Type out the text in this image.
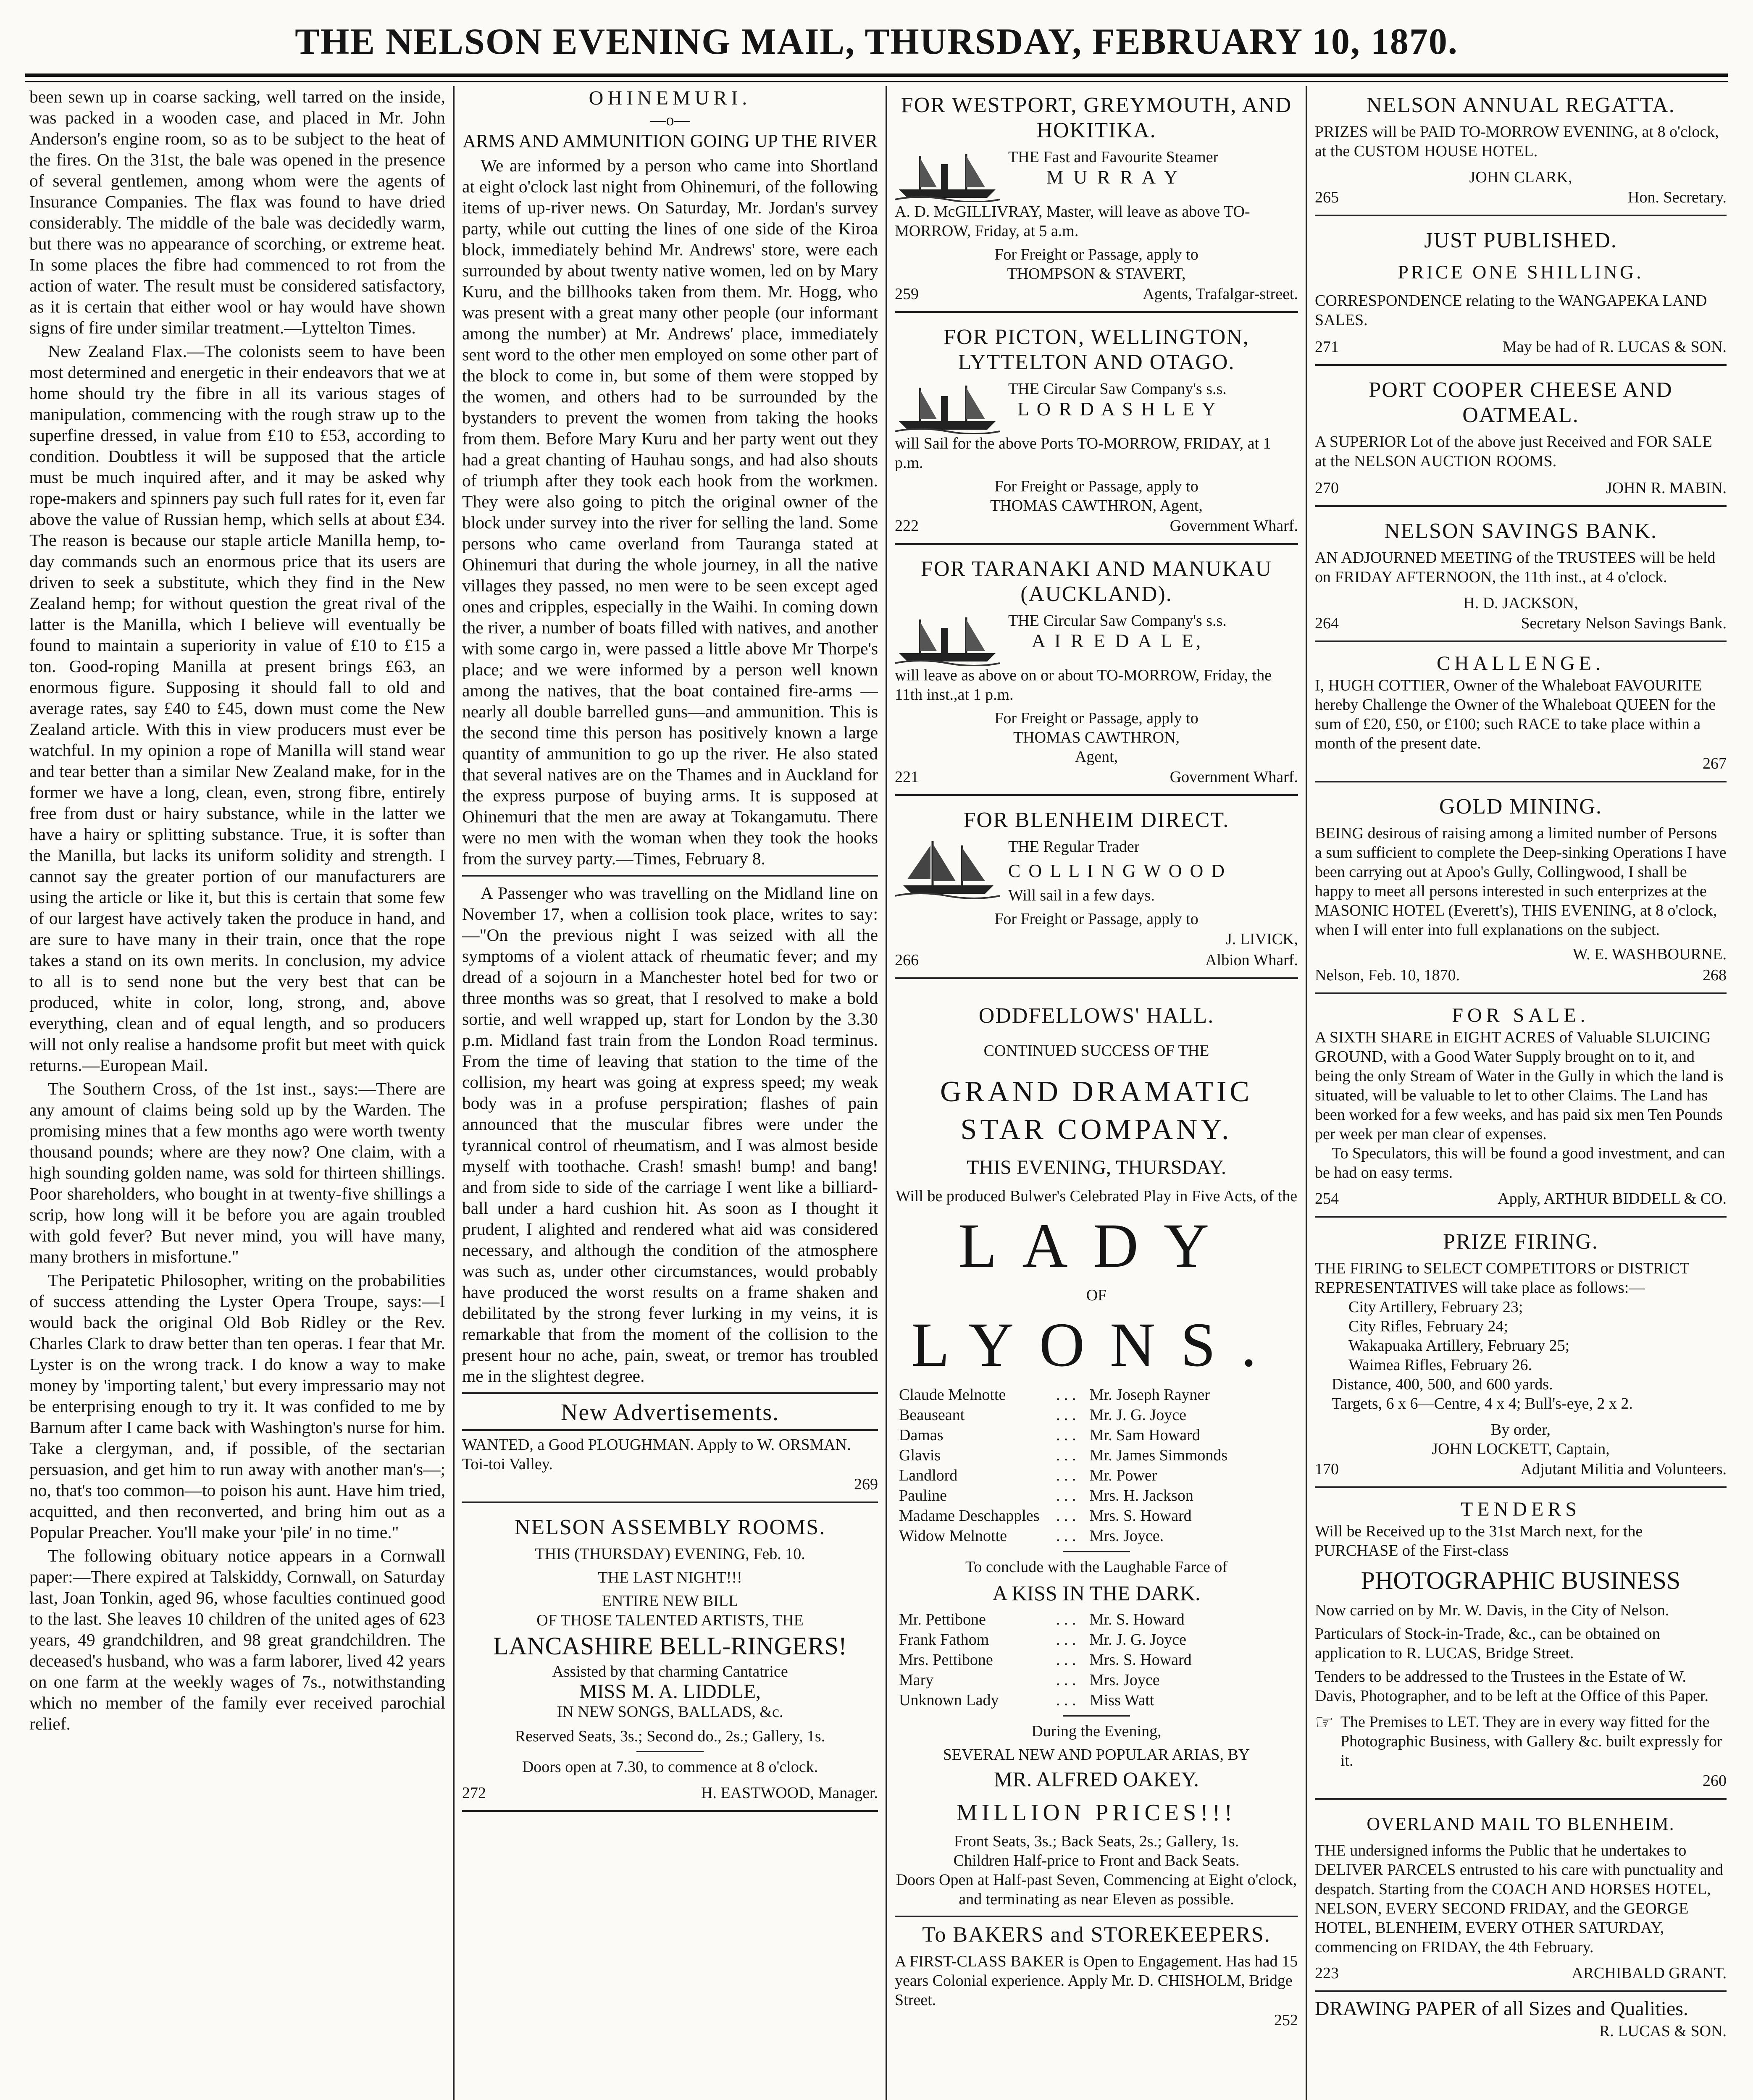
THE NELSON EVENING MAIL, THURSDAY, FEBRUARY 10, 1870.

been sewn up in coarse sacking, well tarred on the inside, was packed in a wooden case, and placed in Mr. John Anderson's engine room, so as to be subject to the heat of the fires. On the 31st, the bale was opened in the presence of several gentlemen, among whom were the agents of Insurance Companies. The flax was found to have dried considerably. The middle of the bale was decidedly warm, but there was no appearance of scorching, or extreme heat. In some places the fibre had commenced to rot from the action of water. The result must be considered satisfactory, as it is certain that either wool or hay would have shown signs of fire under similar treatment.—Lyttelton Times.

New Zealand Flax.—The colonists seem to have been most determined and energetic in their endeavors that we at home should try the fibre in all its various stages of manipulation, commencing with the rough straw up to the superfine dressed, in value from £10 to £53, according to condition. Doubtless it will be supposed that the article must be much inquired after, and it may be asked why rope-makers and spinners pay such full rates for it, even far above the value of Russian hemp, which sells at about £34. The reason is because our staple article Manilla hemp, to-day commands such an enormous price that its users are driven to seek a substitute, which they find in the New Zealand hemp; for without question the great rival of the latter is the Manilla, which I believe will eventually be found to maintain a superiority in value of £10 to £15 a ton. Good-roping Manilla at present brings £63, an enormous figure. Supposing it should fall to old and average rates, say £40 to £45, down must come the New Zealand article. With this in view producers must ever be watchful. In my opinion a rope of Manilla will stand wear and tear better than a similar New Zealand make, for in the former we have a long, clean, even, strong fibre, entirely free from dust or hairy substance, while in the latter we have a hairy or splitting substance. True, it is softer than the Manilla, but lacks its uniform solidity and strength. I cannot say the greater portion of our manufacturers are using the article or like it, but this is certain that some few of our largest have actively taken the produce in hand, and are sure to have many in their train, once that the rope takes a stand on its own merits. In conclusion, my advice to all is to send none but the very best that can be produced, white in color, long, strong, and, above everything, clean and of equal length, and so producers will not only realise a handsome profit but meet with quick returns.—European Mail.

The Southern Cross, of the 1st inst., says:—There are any amount of claims being sold up by the Warden. The promising mines that a few months ago were worth twenty thousand pounds; where are they now? One claim, with a high sounding golden name, was sold for thirteen shillings. Poor shareholders, who bought in at twenty-five shillings a scrip, how long will it be before you are again troubled with gold fever? But never mind, you will have many, many brothers in misfortune."

The Peripatetic Philosopher, writing on the probabilities of success attending the Lyster Opera Troupe, says:—I would back the original Old Bob Ridley or the Rev. Charles Clark to draw better than ten operas. I fear that Mr. Lyster is on the wrong track. I do know a way to make money by 'importing talent,' but every impressario may not be enterprising enough to try it. It was confided to me by Barnum after I came back with Washington's nurse for him. Take a clergyman, and, if possible, of the sectarian persuasion, and get him to run away with another man's—; no, that's too common—to poison his aunt. Have him tried, acquitted, and then reconverted, and bring him out as a Popular Preacher. You'll make your 'pile' in no time."

The following obituary notice appears in a Cornwall paper:—There expired at Talskiddy, Cornwall, on Saturday last, Joan Tonkin, aged 96, whose faculties continued good to the last. She leaves 10 children of the united ages of 623 years, 49 grandchildren, and 98 great grandchildren. The deceased's husband, who was a farm laborer, lived 42 years on one farm at the weekly wages of 7s., notwithstanding which no member of the family ever received parochial relief.

OHINEMURI.
—o—
ARMS AND AMMUNITION GOING UP THE RIVER

We are informed by a person who came into Shortland at eight o'clock last night from Ohinemuri, of the following items of up-river news. On Saturday, Mr. Jordan's survey party, while out cutting the lines of one side of the Kiroa block, immediately behind Mr. Andrews' store, were each surrounded by about twenty native women, led on by Mary Kuru, and the billhooks taken from them. Mr. Hogg, who was present with a great many other people (our informant among the number) at Mr. Andrews' place, immediately sent word to the other men employed on some other part of the block to come in, but some of them were stopped by the women, and others had to be surrounded by the bystanders to prevent the women from taking the hooks from them. Before Mary Kuru and her party went out they had a great chanting of Hauhau songs, and had also shouts of triumph after they took each hook from the workmen. They were also going to pitch the original owner of the block under survey into the river for selling the land. Some persons who came overland from Tauranga stated at Ohinemuri that during the whole journey, in all the native villages they passed, no men were to be seen except aged ones and cripples, especially in the Waihi. In coming down the river, a number of boats filled with natives, and another with some cargo in, were passed a little above Mr Thorpe's place; and we were informed by a person well known among the natives, that the boat contained fire-arms — nearly all double barrelled guns—and ammunition. This is the second time this person has positively known a large quantity of ammunition to go up the river. He also stated that several natives are on the Thames and in Auckland for the express purpose of buying arms. It is supposed at Ohinemuri that the men are away at Tokangamutu. There were no men with the woman when they took the hooks from the survey party.—Times, February 8.

A Passenger who was travelling on the Midland line on November 17, when a collision took place, writes to say:—"On the previous night I was seized with all the symptoms of a violent attack of rheumatic fever; and my dread of a sojourn in a Manchester hotel bed for two or three months was so great, that I resolved to make a bold sortie, and well wrapped up, start for London by the 3.30 p.m. Midland fast train from the London Road terminus. From the time of leaving that station to the time of the collision, my heart was going at express speed; my weak body was in a profuse perspiration; flashes of pain announced that the muscular fibres were under the tyrannical control of rheumatism, and I was almost beside myself with toothache. Crash! smash! bump! and bang! and from side to side of the carriage I went like a billiard-ball under a hard cushion hit. As soon as I thought it prudent, I alighted and rendered what aid was considered necessary, and although the condition of the atmosphere was such as, under other circumstances, would probably have produced the worst results on a frame shaken and debilitated by the strong fever lurking in my veins, it is remarkable that from the moment of the collision to the present hour no ache, pain, sweat, or tremor has troubled me in the slightest degree.

New Advertisements.
WANTED, a Good PLOUGHMAN. Apply to W. ORSMAN. Toi-toi Valley.
269
NELSON ASSEMBLY ROOMS.
THIS (THURSDAY) EVENING, Feb. 10.
THE LAST NIGHT!!!
ENTIRE NEW BILL
OF THOSE TALENTED ARTISTS, THE
LANCASHIRE BELL-RINGERS!
Assisted by that charming Cantatrice
MISS M. A. LIDDLE,
IN NEW SONGS, BALLADS, &c.
Reserved Seats, 3s.; Second do., 2s.; Gallery, 1s.
Doors open at 7.30, to commence at 8 o'clock.
272	H. EASTWOOD, Manager.
FOR WESTPORT, GREYMOUTH, AND HOKITIKA.
THE Fast and Favourite Steamer
M U R R A Y
A. D. McGILLIVRAY, Master, will leave as above TO-MORROW, Friday, at 5 a.m.
For Freight or Passage, apply to
THOMPSON & STAVERT,
259	Agents, Trafalgar-street.
FOR PICTON, WELLINGTON, LYTTELTON AND OTAGO.
THE Circular Saw Company's s.s.
L O R D A S H L E Y
will Sail for the above Ports TO-MORROW, FRIDAY, at 1 p.m.
For Freight or Passage, apply to
THOMAS CAWTHRON, Agent,
222	Government Wharf.
FOR TARANAKI AND MANUKAU (AUCKLAND).
THE Circular Saw Company's s.s.
A I R E D A L E,
will leave as above on or about TO-MORROW, Friday, the 11th inst.,at 1 p.m.
For Freight or Passage, apply to
THOMAS CAWTHRON,
Agent,
221	Government Wharf.
FOR BLENHEIM DIRECT.
THE Regular Trader
C O L L I N G W O O D
Will sail in a few days.
For Freight or Passage, apply to
J. LIVICK,
266	Albion Wharf.
ODDFELLOWS' HALL.
CONTINUED SUCCESS OF THE
GRAND DRAMATIC
STAR COMPANY.
THIS EVENING, THURSDAY.
Will be produced Bulwer's Celebrated Play in Five Acts, of the
LADY
OF
LYONS.
Claude Melnotte	. . . Mr. Joseph Rayner
Beauseant	. . . Mr. J. G. Joyce
Damas	. . . Mr. Sam Howard
Glavis	. . . Mr. James Simmonds
Landlord	. . . Mr. Power
Pauline	. . . Mrs. H. Jackson
Madame Deschapples	. . . Mrs. S. Howard
Widow Melnotte	. . . Mrs. Joyce.
To conclude with the Laughable Farce of
A KISS IN THE DARK.
Mr. Pettibone	. . . Mr. S. Howard
Frank Fathom	. . . Mr. J. G. Joyce
Mrs. Pettibone	. . . Mrs. S. Howard
Mary	. . . Mrs. Joyce
Unknown Lady	. . . Miss Watt
During the Evening,
SEVERAL NEW AND POPULAR ARIAS, BY
MR. ALFRED OAKEY.
MILLION PRICES!!!
Front Seats, 3s.; Back Seats, 2s.; Gallery, 1s.
Children Half-price to Front and Back Seats.
Doors Open at Half-past Seven, Commencing at Eight o'clock, and terminating as near Eleven as possible.
To BAKERS and STOREKEEPERS.
A FIRST-CLASS BAKER is Open to Engagement. Has had 15 years Colonial experience. Apply Mr. D. CHISHOLM, Bridge Street.
252
NELSON ANNUAL REGATTA.
PRIZES will be PAID TO-MORROW EVENING, at 8 o'clock, at the CUSTOM HOUSE HOTEL.
JOHN CLARK,
265	Hon. Secretary.
JUST PUBLISHED.
PRICE ONE SHILLING.
CORRESPONDENCE relating to the WANGAPEKA LAND SALES.
271	May be had of R. LUCAS & SON.
PORT COOPER CHEESE AND OATMEAL.
A SUPERIOR Lot of the above just Received and FOR SALE at the NELSON AUCTION ROOMS.
270	JOHN R. MABIN.
NELSON SAVINGS BANK.
AN ADJOURNED MEETING of the TRUSTEES will be held on FRIDAY AFTERNOON, the 11th inst., at 4 o'clock.
H. D. JACKSON,
264	Secretary Nelson Savings Bank.
CHALLENGE.
I, HUGH COTTIER, Owner of the Whaleboat FAVOURITE hereby Challenge the Owner of the Whaleboat QUEEN for the sum of £20, £50, or £100; such RACE to take place within a month of the present date.
267
GOLD MINING.
BEING desirous of raising among a limited number of Persons a sum sufficient to complete the Deep-sinking Operations I have been carrying out at Apoo's Gully, Collingwood, I shall be happy to meet all persons interested in such enterprizes at the MASONIC HOTEL (Everett's), THIS EVENING, at 8 o'clock, when I will enter into full explanations on the subject.
W. E. WASHBOURNE.
Nelson, Feb. 10, 1870.	268
FOR SALE.
A SIXTH SHARE in EIGHT ACRES of Valuable SLUICING GROUND, with a Good Water Supply brought on to it, and being the only Stream of Water in the Gully in which the land is situated, will be valuable to let to other Claims. The Land has been worked for a few weeks, and has paid six men Ten Pounds per week per man clear of expenses.
To Speculators, this will be found a good investment, and can be had on easy terms.
254	Apply, ARTHUR BIDDELL & CO.
PRIZE FIRING.
THE FIRING to SELECT COMPETITORS or DISTRICT REPRESENTATIVES will take place as follows:—
City Artillery, February 23;
City Rifles, February 24;
Wakapuaka Artillery, February 25;
Waimea Rifles, February 26.
Distance, 400, 500, and 600 yards.
Targets, 6 x 6—Centre, 4 x 4; Bull's-eye, 2 x 2.
By order,
JOHN LOCKETT, Captain,
170	Adjutant Militia and Volunteers.
TENDERS
Will be Received up to the 31st March next, for the PURCHASE of the First-class
PHOTOGRAPHIC BUSINESS
Now carried on by Mr. W. Davis, in the City of Nelson.
Particulars of Stock-in-Trade, &c., can be obtained on application to R. LUCAS, Bridge Street.
Tenders to be addressed to the Trustees in the Estate of W. Davis, Photographer, and to be left at the Office of this Paper.
☞ The Premises to LET. They are in every way fitted for the Photographic Business, with Gallery &c. built expressly for it.
260
OVERLAND MAIL TO BLENHEIM.
THE undersigned informs the Public that he undertakes to DELIVER PARCELS entrusted to his care with punctuality and despatch. Starting from the COACH AND HORSES HOTEL, NELSON, EVERY SECOND FRIDAY, and the GEORGE HOTEL, BLENHEIM, EVERY OTHER SATURDAY, commencing on FRIDAY, the 4th February.
223	ARCHIBALD GRANT.
DRAWING PAPER of all Sizes and Qualities.
R. LUCAS & SON.
